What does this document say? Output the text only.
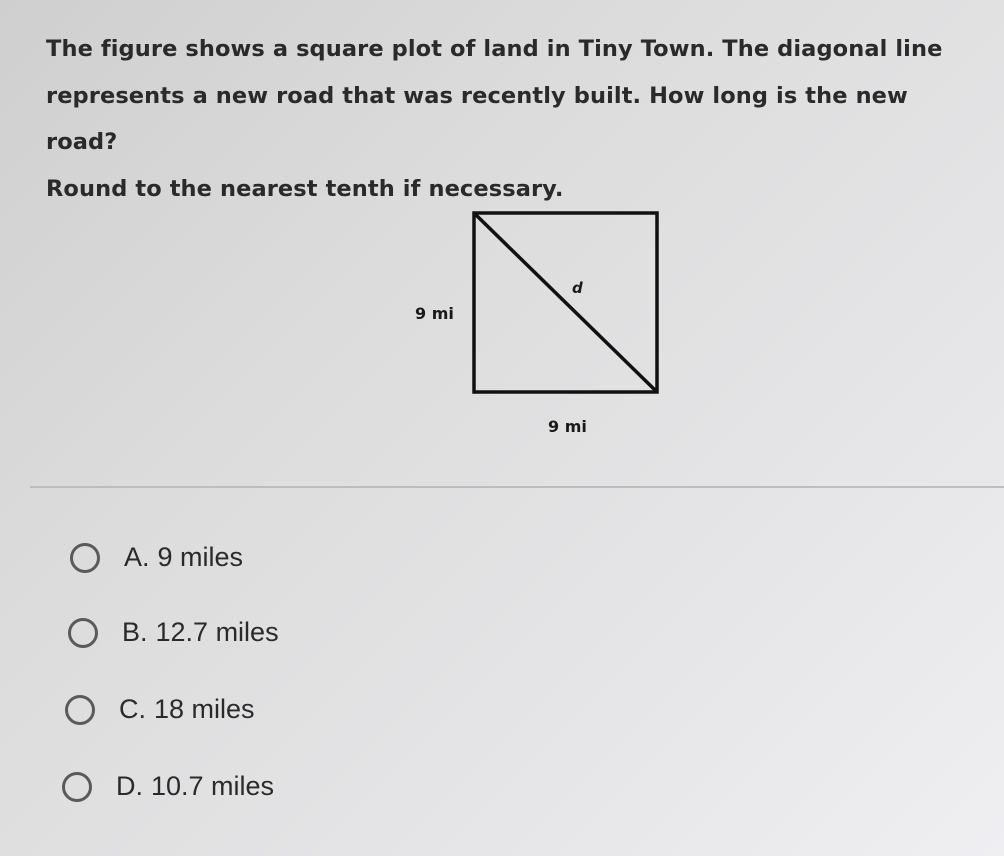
The figure shows a square plot of land in Tiny Town. The diagonal line
represents a new road that was recently built. How long is the new road?
Round to the nearest tenth if necessary.
9 mi
9 mi
d
A. 9 miles
B. 12.7 miles
C. 18 miles
D. 10.7 miles
